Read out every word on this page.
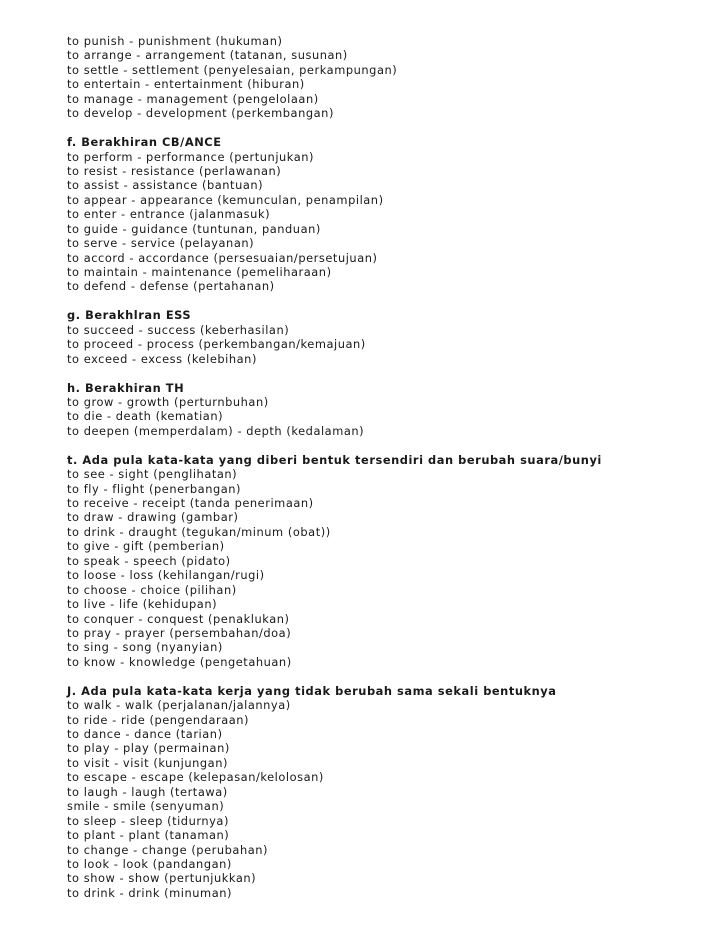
to punish - punishment (hukuman)
to arrange - arrangement (tatanan, susunan)
to settle - settlement (penyelesaian, perkampungan)
to entertain - entertainment (hiburan)
to manage - management (pengelolaan)
to develop - development (perkembangan)
f. Berakhiran CB/ANCE
to perform - performance (pertunjukan)
to resist - resistance (perlawanan)
to assist - assistance (bantuan)
to appear - appearance (kemunculan, penampilan)
to enter - entrance (jalanmasuk)
to guide - guidance (tuntunan, panduan)
to serve - service (pelayanan)
to accord - accordance (persesuaian/persetujuan)
to maintain - maintenance (pemeliharaan)
to defend - defense (pertahanan)
g. Berakhlran ESS
to succeed - success (keberhasilan)
to proceed - process (perkembangan/kemajuan)
to exceed - excess (kelebihan)
h. Berakhiran TH
to grow - growth (perturnbuhan)
to die - death (kematian)
to deepen (memperdalam) - depth (kedalaman)
t. Ada pula kata-kata yang diberi bentuk tersendiri dan berubah suara/bunyi
to see - sight (penglihatan)
to fly - flight (penerbangan)
to receive - receipt (tanda penerimaan)
to draw - drawing (gambar)
to drink - draught (tegukan/minum (obat))
to give - gift (pemberian)
to speak - speech (pidato)
to loose - loss (kehilangan/rugi)
to choose - choice (pilihan)
to live - life (kehidupan)
to conquer - conquest (penaklukan)
to pray - prayer (persembahan/doa)
to sing - song (nyanyian)
to know - knowledge (pengetahuan)
J. Ada pula kata-kata kerja yang tidak berubah sama sekali bentuknya
to walk - walk (perjalanan/jalannya)
to ride - ride (pengendaraan)
to dance - dance (tarian)
to play - play (permainan)
to visit - visit (kunjungan)
to escape - escape (kelepasan/kelolosan)
to laugh - laugh (tertawa)
smile - smile (senyuman)
to sleep - sleep (tidurnya)
to plant - plant (tanaman)
to change - change (perubahan)
to look - look (pandangan)
to show - show (pertunjukkan)
to drink - drink (minuman)
